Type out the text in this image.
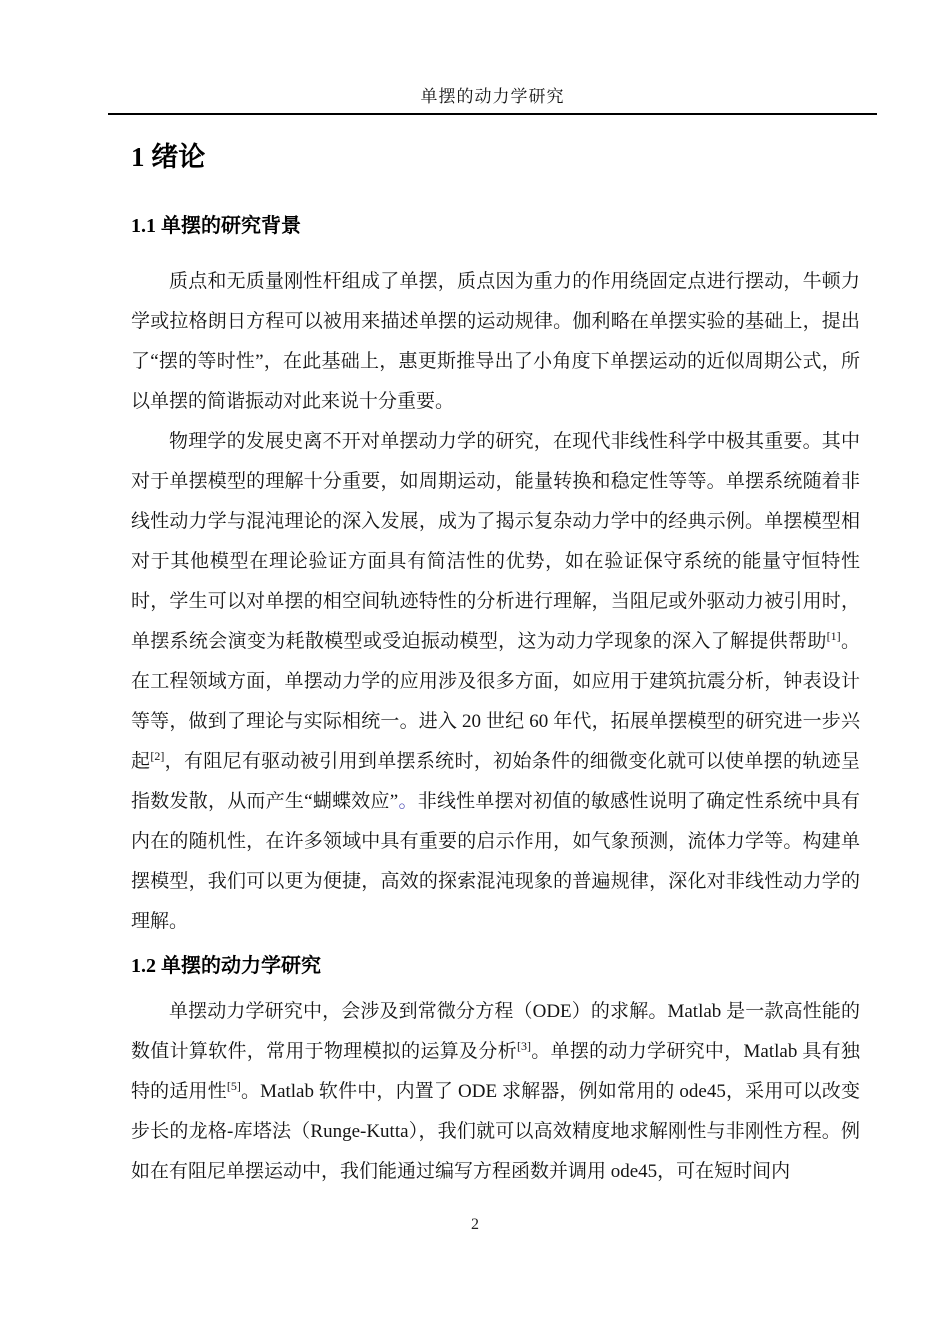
单摆的动力学研究
1 绪论
1.1 单摆的研究背景

质点和无质量刚性杆组成了单摆，质点因为重力的作用绕固定点进行摆动，牛顿力学或拉格朗日方程可以被用来描述单摆的运动规律。伽利略在单摆实验的基础上，提出了“摆的等时性”，在此基础上，惠更斯推导出了小角度下单摆运动的近似周期公式，所以单摆的简谐振动对此来说十分重要。

物理学的发展史离不开对单摆动力学的研究，在现代非线性科学中极其重要。其中对于单摆模型的理解十分重要，如周期运动，能量转换和稳定性等等。单摆系统随着非线性动力学与混沌理论的深入发展，成为了揭示复杂动力学中的经典示例。单摆模型相对于其他模型在理论验证方面具有简洁性的优势，如在验证保守系统的能量守恒特性时，学生可以对单摆的相空间轨迹特性的分析进行理解，当阻尼或外驱动力被引用时，单摆系统会演变为耗散模型或受迫振动模型，这为动力学现象的深入了解提供帮助[1]。在工程领域方面，单摆动力学的应用涉及很多方面，如应用于建筑抗震分析，钟表设计等等，做到了理论与实际相统一。进入 20 世纪 60 年代，拓展单摆模型的研究进一步兴起[2]，有阻尼有驱动被引用到单摆系统时，初始条件的细微变化就可以使单摆的轨迹呈指数发散，从而产生“蝴蝶效应”。非线性单摆对初值的敏感性说明了确定性系统中具有内在的随机性，在许多领域中具有重要的启示作用，如气象预测，流体力学等。构建单摆模型，我们可以更为便捷，高效的探索混沌现象的普遍规律，深化对非线性动力学的理解。

1.2 单摆的动力学研究

单摆动力学研究中，会涉及到常微分方程（ODE）的求解。Matlab 是一款高性能的数值计算软件，常用于物理模拟的运算及分析[3]。单摆的动力学研究中，Matlab 具有独特的适用性[5]。Matlab 软件中，内置了 ODE 求解器，例如常用的 ode45，采用可以改变步长的龙格-库塔法（Runge-Kutta），我们就可以高效精度地求解刚性与非刚性方程。例如在有阻尼单摆运动中，我们能通过编写方程函数并调用 ode45，可在短时间内

2
